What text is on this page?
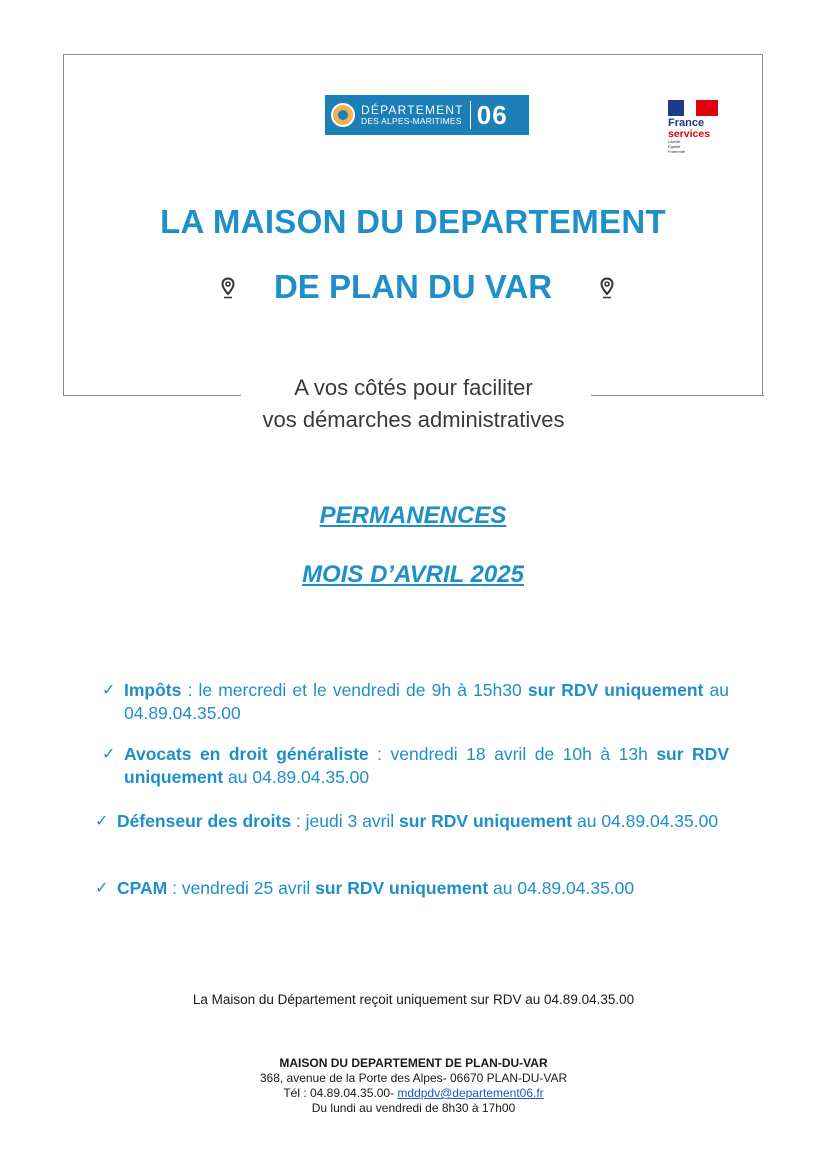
DÉPARTEMENT
DES ALPES-MARITIMES 06	France
services
Liberté
Égalité
Fraternité
LA MAISON DU DEPARTEMENT
DE PLAN DU VAR
A vos côtés pour faciliter
vos démarches administratives
PERMANENCES
MOIS D’AVRIL 2025
✓ Impôts : le mercredi et le vendredi de 9h à 15h30 sur RDV uniquement au 04.89.04.35.00
✓ Avocats en droit généraliste : vendredi 18 avril de 10h à 13h sur RDV uniquement au 04.89.04.35.00
✓ Défenseur des droits : jeudi 3 avril sur RDV uniquement au 04.89.04.35.00
✓ CPAM : vendredi 25 avril sur RDV uniquement au 04.89.04.35.00
La Maison du Département reçoit uniquement sur RDV au 04.89.04.35.00
MAISON DU DEPARTEMENT DE PLAN-DU-VAR
368, avenue de la Porte des Alpes- 06670 PLAN-DU-VAR
Tél : 04.89.04.35.00- mddpdv@departement06.fr
Du lundi au vendredi de 8h30 à 17h00
